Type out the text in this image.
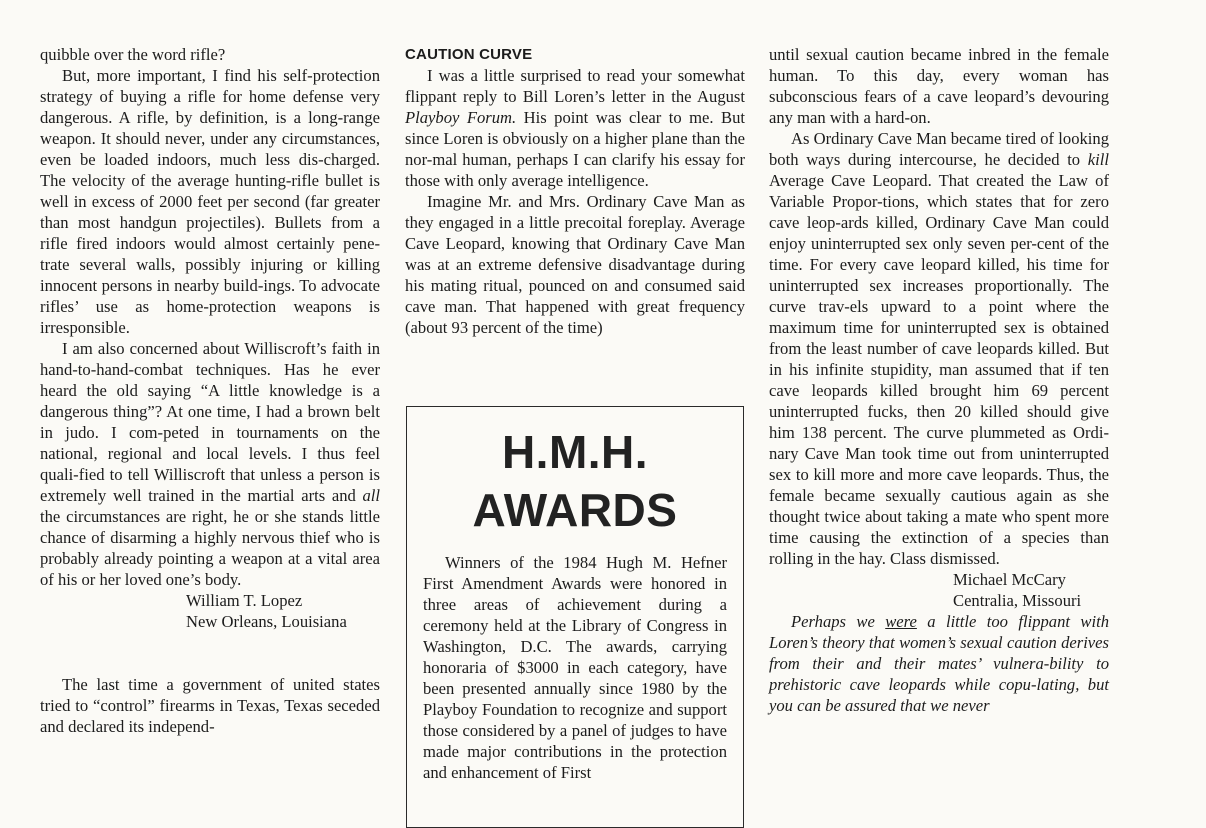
quibble over the word rifle?

But, more important, I find his self-protection strategy of buying a rifle for home defense very dangerous. A rifle, by definition, is a long-range weapon. It should never, under any circumstances, even be loaded indoors, much less dis-charged. The velocity of the average hunting-rifle bullet is well in excess of 2000 feet per second (far greater than most handgun projectiles). Bullets from a rifle fired indoors would almost certainly pene-trate several walls, possibly injuring or killing innocent persons in nearby build-ings. To advocate rifles’ use as home-protection weapons is irresponsible.

I am also concerned about Williscroft’s faith in hand-to-hand-combat techniques. Has he ever heard the old saying “A little knowledge is a dangerous thing”? At one time, I had a brown belt in judo. I com-peted in tournaments on the national, regional and local levels. I thus feel quali-fied to tell Williscroft that unless a person is extremely well trained in the martial arts and all the circumstances are right, he or she stands little chance of disarming a highly nervous thief who is probably already pointing a weapon at a vital area of his or her loved one’s body.

William T. Lopez

New Orleans, Louisiana

The last time a government of united states tried to “control” firearms in Texas, Texas seceded and declared its independ-

CAUTION CURVE

I was a little surprised to read your somewhat flippant reply to Bill Loren’s letter in the August Playboy Forum. His point was clear to me. But since Loren is obviously on a higher plane than the nor-mal human, perhaps I can clarify his essay for those with only average intelligence.

Imagine Mr. and Mrs. Ordinary Cave Man as they engaged in a little precoital foreplay. Average Cave Leopard, knowing that Ordinary Cave Man was at an extreme defensive disadvantage during his mating ritual, pounced on and consumed said cave man. That happened with great frequency (about 93 percent of the time)

H.M.H.
AWARDS

Winners of the 1984 Hugh M. Hefner First Amendment Awards were honored in three areas of achievement during a ceremony held at the Library of Congress in Washington, D.C. The awards, carrying honoraria of $3000 in each category, have been presented annually since 1980 by the Playboy Foundation to recognize and support those considered by a panel of judges to have made major contributions in the protection and enhancement of First

until sexual caution became inbred in the female human. To this day, every woman has subconscious fears of a cave leopard’s devouring any man with a hard-on.

As Ordinary Cave Man became tired of looking both ways during intercourse, he decided to kill Average Cave Leopard. That created the Law of Variable Propor-tions, which states that for zero cave leop-ards killed, Ordinary Cave Man could enjoy uninterrupted sex only seven per-cent of the time. For every cave leopard killed, his time for uninterrupted sex increases proportionally. The curve trav-els upward to a point where the maximum time for uninterrupted sex is obtained from the least number of cave leopards killed. But in his infinite stupidity, man assumed that if ten cave leopards killed brought him 69 percent uninterrupted fucks, then 20 killed should give him 138 percent. The curve plummeted as Ordi-nary Cave Man took time out from uninterrupted sex to kill more and more cave leopards. Thus, the female became sexually cautious again as she thought twice about taking a mate who spent more time causing the extinction of a species than rolling in the hay. Class dismissed.

Michael McCary

Centralia, Missouri

Perhaps we were a little too flippant with Loren’s theory that women’s sexual caution derives from their and their mates’ vulnera-bility to prehistoric cave leopards while copu-lating, but you can be assured that we never
